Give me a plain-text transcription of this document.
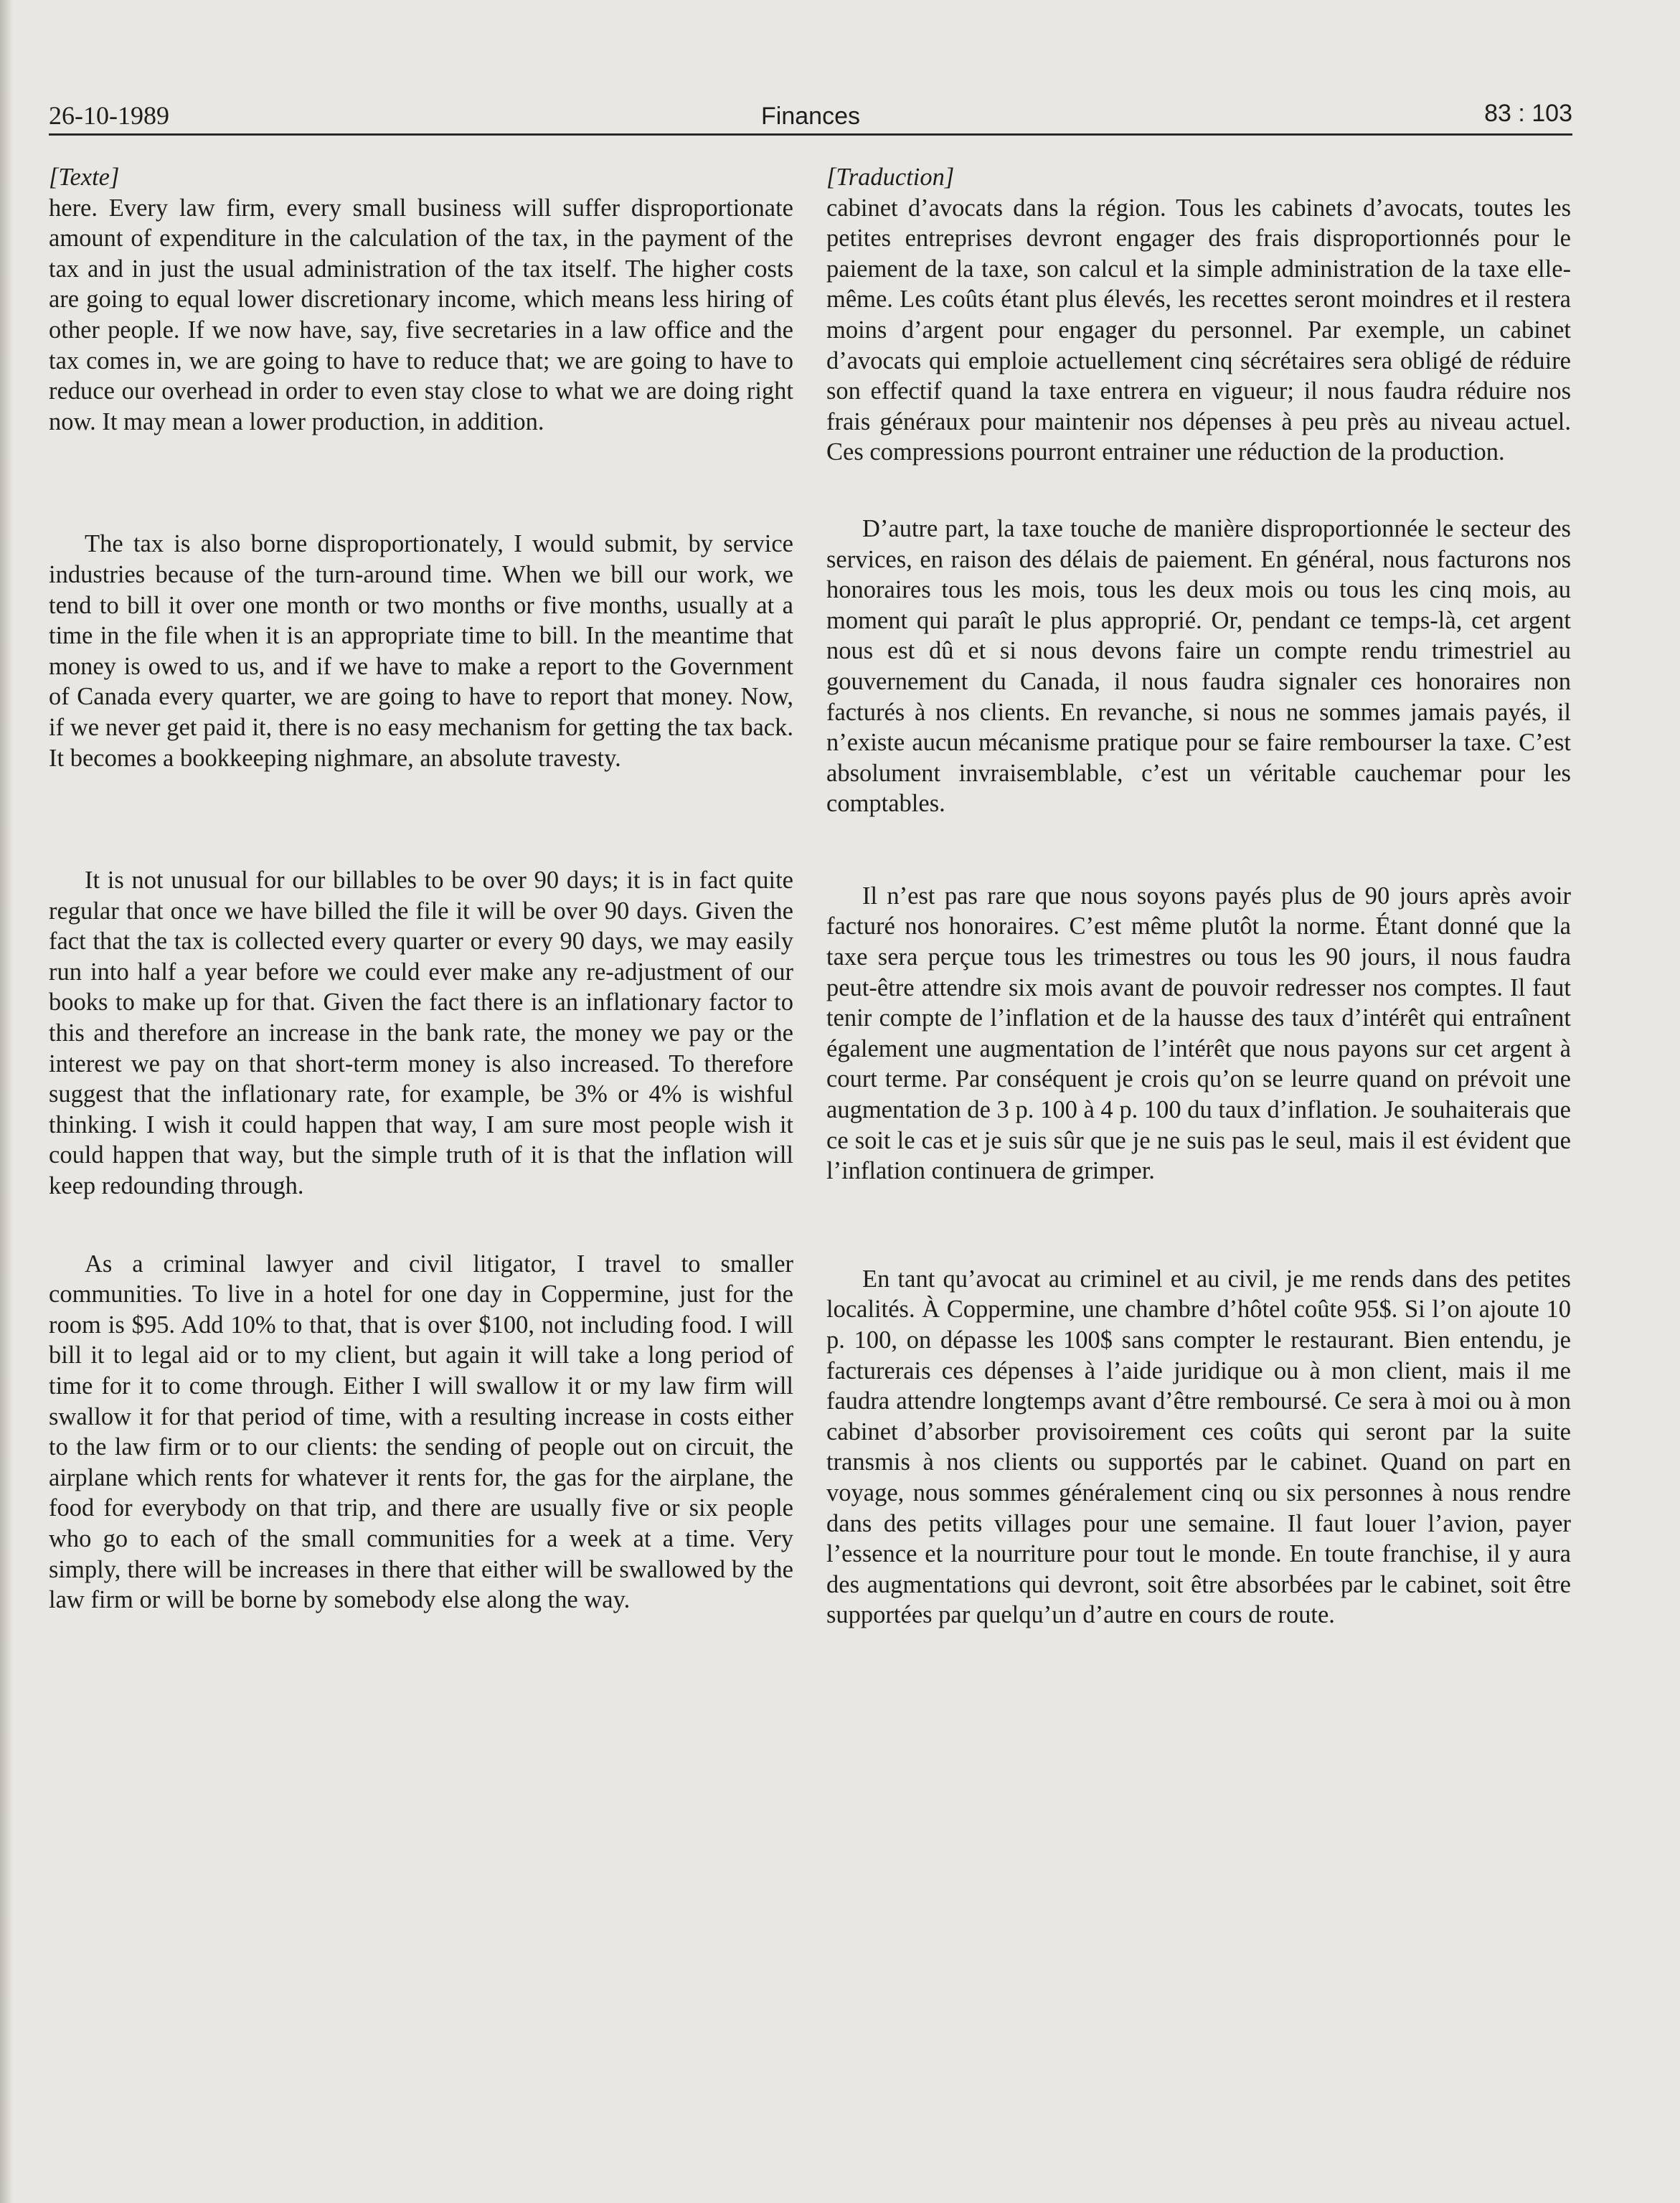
26-10-1989	Finances	83 : 103

[Texte]

here. Every law firm, every small business will suffer disproportionate amount of expenditure in the calculation of the tax, in the payment of the tax and in just the usual administration of the tax itself. The higher costs are going to equal lower discretionary income, which means less hiring of other people. If we now have, say, five secretaries in a law office and the tax comes in, we are going to have to reduce that; we are going to have to reduce our overhead in order to even stay close to what we are doing right now. It may mean a lower production, in addition.

The tax is also borne disproportionately, I would submit, by service industries because of the turn-around time. When we bill our work, we tend to bill it over one month or two months or five months, usually at a time in the file when it is an appropriate time to bill. In the meantime that money is owed to us, and if we have to make a report to the Government of Canada every quarter, we are going to have to report that money. Now, if we never get paid it, there is no easy mechanism for getting the tax back. It becomes a bookkeeping nighmare, an absolute travesty.

It is not unusual for our billables to be over 90 days; it is in fact quite regular that once we have billed the file it will be over 90 days. Given the fact that the tax is collected every quarter or every 90 days, we may easily run into half a year before we could ever make any re-adjustment of our books to make up for that. Given the fact there is an inflationary factor to this and therefore an increase in the bank rate, the money we pay or the interest we pay on that short-term money is also increased. To therefore suggest that the inflationary rate, for example, be 3% or 4% is wishful thinking. I wish it could happen that way, I am sure most people wish it could happen that way, but the simple truth of it is that the inflation will keep redounding through.

As a criminal lawyer and civil litigator, I travel to smaller communities. To live in a hotel for one day in Coppermine, just for the room is $95. Add 10% to that, that is over $100, not including food. I will bill it to legal aid or to my client, but again it will take a long period of time for it to come through. Either I will swallow it or my law firm will swallow it for that period of time, with a resulting increase in costs either to the law firm or to our clients: the sending of people out on circuit, the airplane which rents for whatever it rents for, the gas for the airplane, the food for everybody on that trip, and there are usually five or six people who go to each of the small communities for a week at a time. Very simply, there will be increases in there that either will be swallowed by the law firm or will be borne by somebody else along the way.

[Traduction]

cabinet d’avocats dans la région. Tous les cabinets d’avocats, toutes les petites entreprises devront engager des frais disproportionnés pour le paiement de la taxe, son calcul et la simple administration de la taxe elle-même. Les coûts étant plus élevés, les recettes seront moindres et il restera moins d’argent pour engager du personnel. Par exemple, un cabinet d’avocats qui emploie actuellement cinq sécrétaires sera obligé de réduire son effectif quand la taxe entrera en vigueur; il nous faudra réduire nos frais généraux pour maintenir nos dépenses à peu près au niveau actuel. Ces compressions pourront entrainer une réduction de la production.

D’autre part, la taxe touche de manière disproportionnée le secteur des services, en raison des délais de paiement. En général, nous facturons nos honoraires tous les mois, tous les deux mois ou tous les cinq mois, au moment qui paraît le plus approprié. Or, pendant ce temps-là, cet argent nous est dû et si nous devons faire un compte rendu trimestriel au gouvernement du Canada, il nous faudra signaler ces honoraires non facturés à nos clients. En revanche, si nous ne sommes jamais payés, il n’existe aucun mécanisme pratique pour se faire rembourser la taxe. C’est absolument invraisemblable, c’est un véritable cauchemar pour les comptables.

Il n’est pas rare que nous soyons payés plus de 90 jours après avoir facturé nos honoraires. C’est même plutôt la norme. Étant donné que la taxe sera perçue tous les trimestres ou tous les 90 jours, il nous faudra peut-être attendre six mois avant de pouvoir redresser nos comptes. Il faut tenir compte de l’inflation et de la hausse des taux d’intérêt qui entraînent également une augmentation de l’intérêt que nous payons sur cet argent à court terme. Par conséquent je crois qu’on se leurre quand on prévoit une augmentation de 3 p. 100 à 4 p. 100 du taux d’inflation. Je souhaiterais que ce soit le cas et je suis sûr que je ne suis pas le seul, mais il est évident que l’inflation continuera de grimper.

En tant qu’avocat au criminel et au civil, je me rends dans des petites localités. À Coppermine, une chambre d’hôtel coûte 95$. Si l’on ajoute 10 p. 100, on dépasse les 100$ sans compter le restaurant. Bien entendu, je facturerais ces dépenses à l’aide juridique ou à mon client, mais il me faudra attendre longtemps avant d’être remboursé. Ce sera à moi ou à mon cabinet d’absorber provisoirement ces coûts qui seront par la suite transmis à nos clients ou supportés par le cabinet. Quand on part en voyage, nous sommes généralement cinq ou six personnes à nous rendre dans des petits villages pour une semaine. Il faut louer l’avion, payer l’essence et la nourriture pour tout le monde. En toute franchise, il y aura des augmentations qui devront, soit être absorbées par le cabinet, soit être supportées par quelqu’un d’autre en cours de route.
